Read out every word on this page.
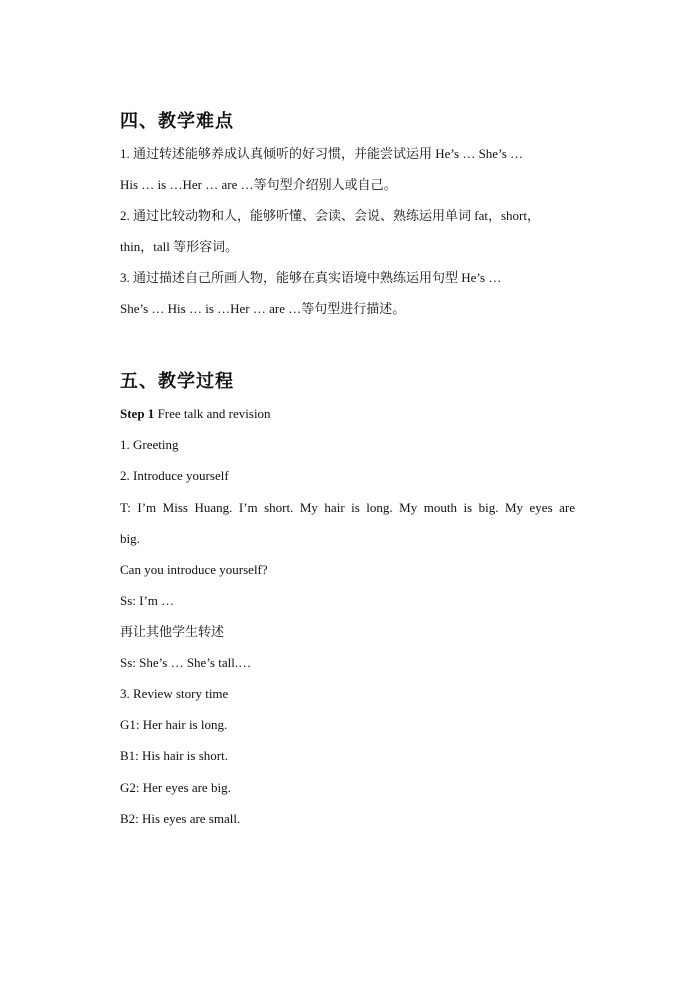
四、教学难点
1. 通过转述能够养成认真倾听的好习惯，并能尝试运用 He’s … She’s …
His … is …Her … are …等句型介绍别人或自己。
2. 通过比较动物和人，能够听懂、会读、会说、熟练运用单词 fat，short，
thin，tall 等形容词。
3. 通过描述自己所画人物，能够在真实语境中熟练运用句型 He’s …
She’s … His … is …Her … are …等句型进行描述。
五、教学过程
Step 1 Free talk and revision
1. Greeting
2. Introduce yourself
T: I’m Miss Huang. I’m short. My hair is long. My mouth is big. My eyes are
big.
Can you introduce yourself?
Ss: I’m …
再让其他学生转述
Ss: She’s … She’s tall.…
3. Review story time
G1: Her hair is long.
B1: His hair is short.
G2: Her eyes are big.
B2: His eyes are small.
